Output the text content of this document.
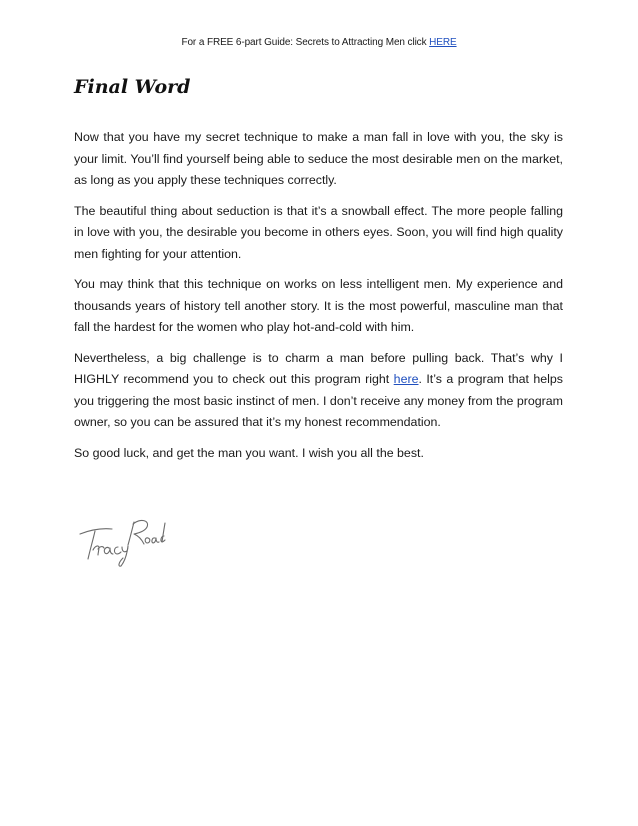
For a FREE 6-part Guide: Secrets to Attracting Men click HERE
Final Word

Now that you have my secret technique to make a man fall in love with you, the sky is your limit. You’ll find yourself being able to seduce the most desirable men on the market, as long as you apply these techniques correctly.

The beautiful thing about seduction is that it’s a snowball effect. The more people falling in love with you, the desirable you become in others eyes. Soon, you will find high quality men fighting for your attention.

You may think that this technique on works on less intelligent men. My experience and thousands years of history tell another story. It is the most powerful, masculine man that fall the hardest for the women who play hot-and-cold with him.

Nevertheless, a big challenge is to charm a man before pulling back. That’s why I HIGHLY recommend you to check out this program right here. It’s a program that helps you triggering the most basic instinct of men. I don’t receive any money from the program owner, so you can be assured that it’s my honest recommendation.

So good luck, and get the man you want. I wish you all the best.
